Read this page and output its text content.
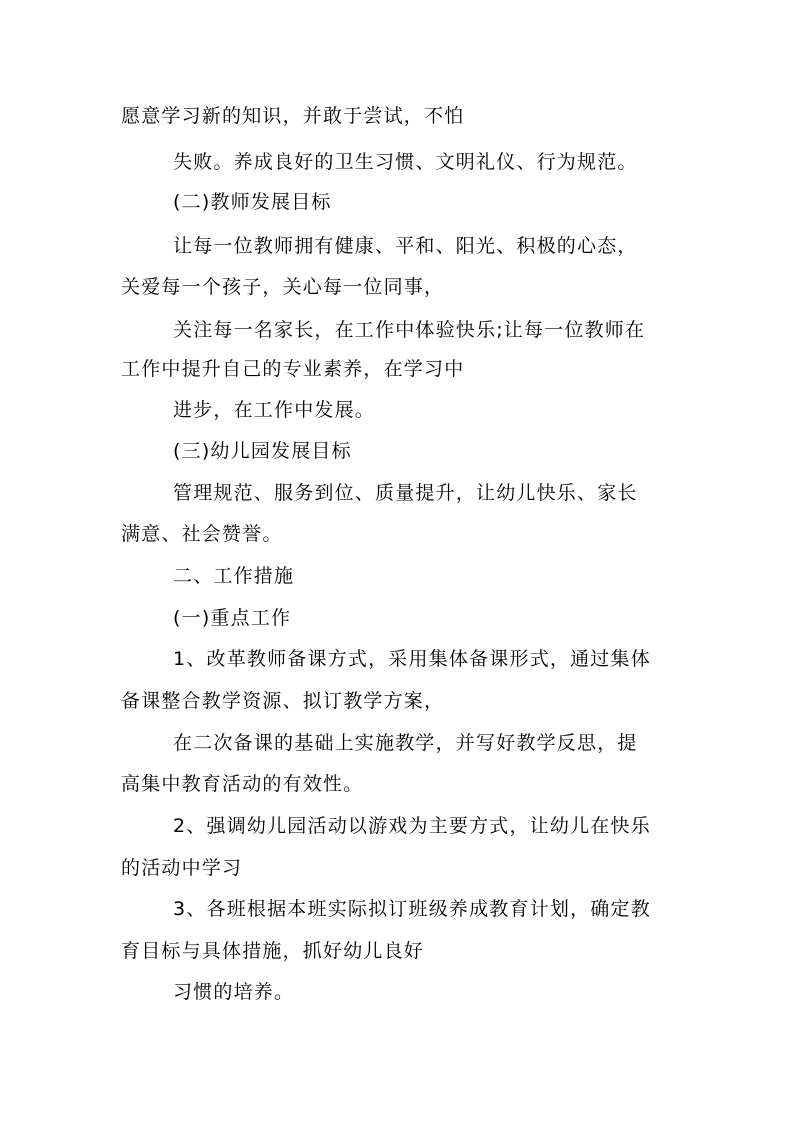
愿意学习新的知识，并敢于尝试，不怕
失败。养成良好的卫生习惯、文明礼仪、行为规范。
(二)教师发展目标
让每一位教师拥有健康、平和、阳光、积极的心态，
关爱每一个孩子，关心每一位同事，
关注每一名家长，在工作中体验快乐;让每一位教师在
工作中提升自己的专业素养，在学习中
进步，在工作中发展。
(三)幼儿园发展目标
管理规范、服务到位、质量提升，让幼儿快乐、家长
满意、社会赞誉。
二、工作措施
(一)重点工作
1、改革教师备课方式，采用集体备课形式，通过集体
备课整合教学资源、拟订教学方案，
在二次备课的基础上实施教学，并写好教学反思，提
高集中教育活动的有效性。
2、强调幼儿园活动以游戏为主要方式，让幼儿在快乐
的活动中学习
3、各班根据本班实际拟订班级养成教育计划，确定教
育目标与具体措施，抓好幼儿良好
习惯的培养。
